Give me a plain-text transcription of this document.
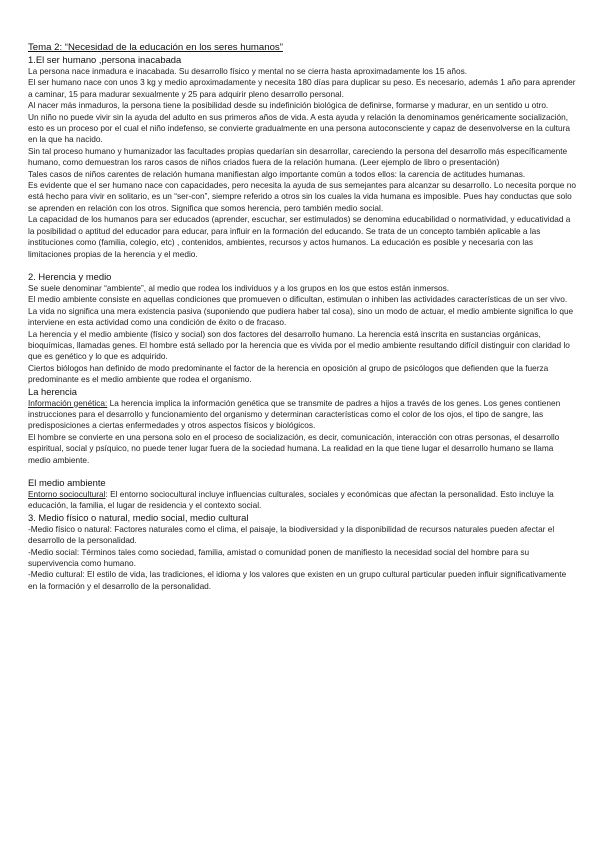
Tema 2: “Necesidad de la educación en los seres humanos”

1.El ser humano ,persona inacabada

La persona nace inmadura e inacabada. Su desarrollo físico y mental no se cierra hasta aproximadamente los 15 años.

El ser humano nace con unos 3 kg y medio aproximadamente y necesita 180 días para duplicar su peso. Es necesario, además 1 año para aprender a caminar, 15 para madurar sexualmente y 25 para adquirir pleno desarrollo personal.

Al nacer más inmaduros, la persona tiene la posibilidad desde su indefinición biológica de definirse, formarse y madurar, en un sentido u otro.

Un niño no puede vivir sin la ayuda del adulto en sus primeros años de vida. A esta ayuda y relación la denominamos genéricamente socialización, esto es un proceso por el cual el niño indefenso, se convierte gradualmente en una persona autoconsciente y capaz de desenvolverse en la cultura en la que ha nacido.

Sin tal proceso humano y humanizador las facultades propias quedarían sin desarrollar, careciendo la persona del desarrollo más específicamente humano, como demuestran los raros casos de niños criados fuera de la relación humana. (Leer ejemplo de libro o presentación)

Tales casos de niños carentes de relación humana manifiestan algo importante común a todos ellos: la carencia de actitudes humanas.

Es evidente que el ser humano nace con capacidades, pero necesita la ayuda de sus semejantes para alcanzar su desarrollo. Lo necesita porque no está hecho para vivir en solitario, es un “ser-con”, siempre referido a otros sin los cuales la vida humana es imposible. Pues hay conductas que solo se aprenden en relación con los otros. Significa que somos herencia, pero también medio social.

La capacidad de los humanos para ser educados (aprender, escuchar, ser estimulados) se denomina educabilidad o normatividad, y educatividad a la posibilidad o aptitud del educador para educar, para influir en la formación del educando. Se trata de un concepto también aplicable a las instituciones como (familia, colegio, etc) , contenidos, ambientes, recursos y actos humanos. La educación es posible y necesaria con las limitaciones propias de la herencia y el medio.

2. Herencia y medio

Se suele denominar “ambiente”, al medio que rodea los individuos y a los grupos en los que estos están inmersos.

El medio ambiente consiste en aquellas condiciones que promueven o dificultan, estimulan o inhiben las actividades características de un ser vivo. La vida no significa una mera existencia pasiva (suponiendo que pudiera haber tal cosa), sino un modo de actuar, el medio ambiente significa lo que interviene en esta actividad como una condición de éxito o de fracaso.

La herencia y el medio ambiente (físico y social) son dos factores del desarrollo humano. La herencia está inscrita en sustancias orgánicas, bioquímicas, llamadas genes. El hombre está sellado por la herencia que es vivida por el medio ambiente resultando difícil distinguir con claridad lo que es genético y lo que es adquirido.

Ciertos biólogos han definido de modo predominante el factor de la herencia en oposición al grupo de psicólogos que defienden que la fuerza predominante es el medio ambiente que rodea el organismo.

La herencia

Información genética: La herencia implica la información genética que se transmite de padres a hijos a través de los genes. Los genes contienen instrucciones para el desarrollo y funcionamiento del organismo y determinan características como el color de los ojos, el tipo de sangre, las predisposiciones a ciertas enfermedades y otros aspectos físicos y biológicos.

El hombre se convierte en una persona solo en el proceso de socialización, es decir, comunicación, interacción con otras personas, el desarrollo espiritual, social y psíquico, no puede tener lugar fuera de la sociedad humana. La realidad en la que tiene lugar el desarrollo humano se llama medio ambiente.

El medio ambiente

Entorno sociocultural: El entorno sociocultural incluye influencias culturales, sociales y económicas que afectan la personalidad. Esto incluye la educación, la familia, el lugar de residencia y el contexto social.

3. Medio físico o natural, medio social, medio cultural

-Medio físico o natural: Factores naturales como el clima, el paisaje, la biodiversidad y la disponibilidad de recursos naturales pueden afectar el desarrollo de la personalidad.

-Medio social: Términos tales como sociedad, familia, amistad o comunidad ponen de manifiesto la necesidad social del hombre para su supervivencia como humano.

-Medio cultural: El estilo de vida, las tradiciones, el idioma y los valores que existen en un grupo cultural particular pueden influir significativamente en la formación y el desarrollo de la personalidad.
